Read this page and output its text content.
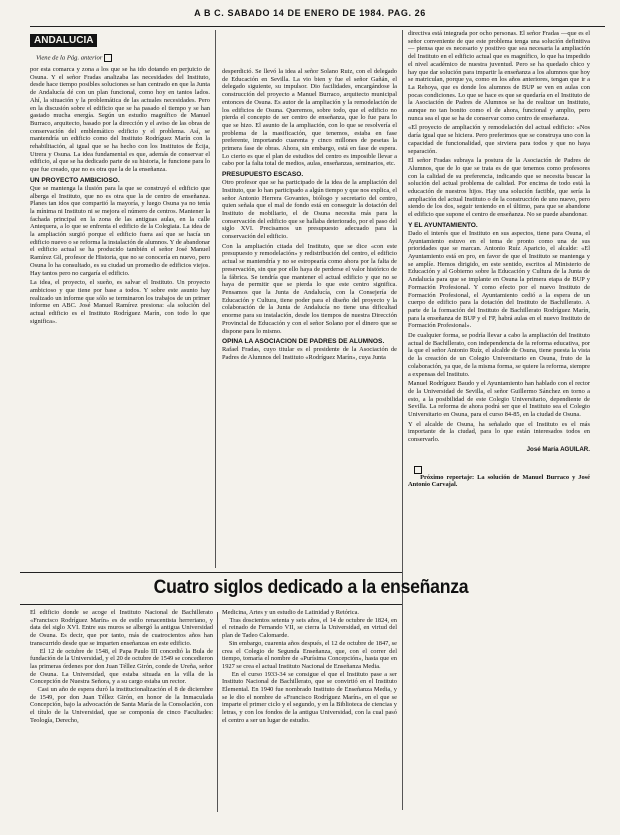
A B C. SABADO 14 DE ENERO DE 1984. PAG. 26
ANDALUCIA
Viene de la Pág. anterior

por esta comarca y zona a los que se ha ido dotando en perjuicio de Osuna. Y el señor Fradas analizaba las necesidades del Instituto, desde hace tiempo posibles soluciones se han centrado en que la Junta de Andalucía dé con un plan funcional, como hoy en tantos lados. Ahí, la situación y la problemática de las actuales necesidades. Pero en la discusión sobre el edificio que se ha pasado el tiempo y se han gastado mucha energía. Según un estudio magnífico de Manuel Burraco, arquitecto, basado por la dirección y el aviso de las obras de conservación del emblemático edificio y el problema. Así, se mantendría un edificio como del Instituto Rodríguez Marín con la rehabilitación, al igual que se ha hecho con los Institutos de Écija, Utrera y Osuna. La idea fundamental es que, además de conservar el edificio, al que se ha dedicado parte de su historia, le funcione para lo que fue creado, que no es otra que la de la enseñanza.

UN PROYECTO AMBICIOSO.

Que se mantenga la ilusión para la que se construyó el edificio que alberga el Instituto, que no es otra que la de centro de enseñanza. Planes tan idos que compartió la mayoría, y luego Osuna ya no tenía la mínima ni Instituto ni se mejora el número de centros. Mantener la fachada principal en la zona de las antiguas aulas, en la calle Antequera, a lo que se enfrenta el edificio de la Colegiata. La idea de la ampliación surgió porque el edificio fuera así que se hacía un edificio nuevo o se reforma la instalación de alumnos. Y de abandonar el edificio actual se ha producido también el señor José Manuel Ramírez Gil, profesor de Historia, que no se conocería en nuevo, pero Osuna lo ha consultado, es su ciudad un promedio de edificios viejos. Hay tantos pero no cargaría el edificio.

La idea, el proyecto, el sueño, es salvar el Instituto. Un proyecto ambicioso y que tiene por base a todos. Y sobre este asunto hay realizado un informe que sólo se terminaron los trabajos de un primer informe en ABC. José Manuel Ramírez presiona: «la solución del actual edificio es el Instituto Rodríguez Marín, con todo lo que significa».

desperdició. Se llevó la idea al señor Solano Ruiz, con el delegado de Educación en Sevilla. La vio bien y fue el señor Gañán, el delegado siguiente, su impulsor. Dio facilidades, encargándose la construcción del proyecto a Manuel Burraco, arquitecto municipal entonces de Osuna. Es autor de la ampliación y la remodelación de los edificios de Osuna. Queremos, sobre todo, que el edificio no pierda el concepto de ser centro de enseñanza, que lo fue para lo que se hizo. El asunto de la ampliación, con lo que se resolvería el problema de la masificación, que tenemos, estaba en fase preferente, importando cuarenta y cinco millones de pesetas la primera fase de obras. Ahora, sin embargo, está en fase de espera. Lo cierto es que el plan de estudios del centro es imposible llevar a cabo por la falta total de medios, aulas, enseñanzas, seminarios, etc.

PRESUPUESTO ESCASO.

Otro profesor que se ha participado de la idea de la ampliación del Instituto, que lo han participado a algún tiempo y que nos explica, el señor Antonio Herrera Govantes, biólogo y secretario del centro, quien señala que el mal de fondo está en conseguir la dotación del Instituto de mobiliario, el de Osuna necesita más para la conservación del edificio que se hallaba deteriorado, por el paso del siglo XVI. Precisamos un presupuesto adecuado para la conservación del edificio.

Con la ampliación citada del Instituto, que se dice «con este presupuesto y remodelación» y redistribución del centro, el edificio actual se mantendría y no se estropearía como ahora por la falta de preservación, sin que por ello haya de perderse el valor histórico de la fábrica. Se tendría que mantener el actual edificio y que no se haya de permitir que se pierda lo que este centro significa. Pensamos que la Junta de Andalucía, con la Consejería de Educación y Cultura, tiene poder para el diseño del proyecto y la colaboración de la Junta de Andalucía no tiene una dificultad enorme para su instalación, desde los tiempos de nuestra Dirección Provincial de Educación y con el señor Solano por el dinero que se dispone para lo mismo.

OPINA LA ASOCIACION DE PADRES DE ALUMNOS.

Rafael Fradas, cuyo titular es el presidente de la Asociación de Padres de Alumnos del Instituto «Rodríguez Marín», cuya Junta

directiva está integrada por ocho personas. El señor Fradas —que es el señor conveniente de que este problema tenga una solución definitiva— piensa que es necesario y positivo que sea necesaria la ampliación del Instituto en el edificio actual que es magnífico, lo que ha impedido el nivel académico de nuestra juventud. Pero se ha quedado chico y hay que dar solución para impartir la enseñanza a los alumnos que hoy se matriculan, porque ya, como en los años anteriores, tengan que ir a La Rehoya, que es donde los alumnos de BUP se ven en aulas con pocas condiciones. Lo que se hace es que se quedaría en el Instituto de la Asociación de Padres de Alumnos se ha de realizar un Instituto, aunque no tan bonito como el de ahora, funcional y amplio, pero nunca sea el que se ha de conservar como centro de enseñanza.

«El proyecto de ampliación y remodelación del actual edificio: «Nos daría igual que se hiciera. Pero preferimos que se construya uno con la capacidad de funcionalidad, que sirviera para todos y que no haya separación.

El señor Fradas subraya la postura de la Asociación de Padres de Alumnos, que de lo que se trata es de que tenemos como profesores con la calidad de su preferencia, indicando que se necesita buscar la solución del actual problema de calidad. Por encima de todo está la educación de nuestros hijos. Hay una solución factible, que sería la ampliación del actual Instituto o de la construcción de uno nuevo, pero siendo de los dos, seguir teniendo en el último, para que se abandone el edificio que supone el centro de enseñanza. No se puede abandonar.

Y EL AYUNTAMIENTO.

Dado el interés que el Instituto en sus aspectos, tiene para Osuna, el Ayuntamiento estuvo en el tema de pronto como una de sus prioridades que se marcan. Antonio Ruíz Aparicio, el alcalde: «El Ayuntamiento está en pro, en favor de que el Instituto se mantenga y se amplíe. Hemos dirigido, en este sentido, escritos al Ministerio de Educación y al Gobierno sobre la Educación y Cultura de la Junta de Andalucía para que se implante en Osuna la primera etapa de BUP y Formación Profesional. Y como efecto por el nuevo Instituto de Formación Profesional, el Ayuntamiento cedió a la espera de un cuerpo de edificio para la dotación del Instituto de Bachillerato. A parte de la formación del Instituto de Bachillerato Rodríguez Marín, para la enseñanza de BUP y el FP, habrá aulas en el nuevo Instituto de Formación Profesional».

De cualquier forma, se podría llevar a cabo la ampliación del Instituto actual de Bachillerato, con independencia de la reforma educativa, por la que el señor Antonio Ruíz, el alcalde de Osuna, tiene puesta la vista de la creación de un Colegio Universitario en Osuna, fruto de la colaboración, ya que, de la misma forma, se quiere la reforma, siempre a expensas del Instituto.

Manuel Rodríguez Baudo y el Ayuntamiento han hablado con el rector de la Universidad de Sevilla, el señor Guillermo Sánchez en torno a esto, a la posibilidad de este Colegio Universitario, dependiente de Sevilla. La reforma de ahora podrá ser que el Instituto sea el Colegio Universitario en Osuna, para el curso 84-85, en la ciudad de Osuna.

Y el alcalde de Osuna, ha señalado que el Instituto es el más importante de la ciudad, para lo que están interesados todos en conservarlo.

José María AGUILAR.

Próximo reportaje: La solución de Manuel Burraco y José Antonio Carvajal.

Cuatro siglos dedicado a la enseñanza

El edificio donde se acoge el Instituto Nacional de Bachillerato «Francisco Rodríguez Marín» es de estilo renacentista herreriano, y data del siglo XVI. Entre sus muros se albergó la antigua Universidad de Osuna. Es decir, que por tanto, más de cuatrocientos años han transcurrido desde que se imparten enseñanzas en este edificio.
El 12 de octubre de 1548, el Papa Paulo III concedió la Bula de fundación de la Universidad, y el 20 de octubre de 1549 se concedieron las primeras órdenes por don Juan Téllez Girón, conde de Ureña, señor de Osuna. La Universidad, que estaba situada en la villa de la Concepción de Nuestra Señora, y a su cargo estaba un rector.
Casi un año de espera duró la institucionalización el 8 de diciembre de 1549, por don Juan Téllez Girón, en honor de la Inmaculada Concepción, bajo la advocación de Santa María de la Consolación, con el título de la Universidad, que se componía de cinco Facultades: Teología, Derecho,

Medicina, Artes y un estudio de Latinidad y Retórica.
Tras doscientos setenta y seis años, el 14 de octubre de 1824, en el reinado de Fernando VII, se cierra la Universidad, en virtud del plan de Tadeo Calomarde.
Sin embargo, cuarenta años después, el 12 de octubre de 1847, se crea el Colegio de Segunda Enseñanza, que, con el correr del tiempo, tomaría el nombre de «Purísima Concepción», hasta que en 1927 se crea el actual Instituto Nacional de Enseñanza Media.
En el curso 1933-34 se consigue el que el Instituto pase a ser Instituto Nacional de Bachillerato, que se convirtió en el Instituto Elemental. En 1940 fue nombrado Instituto de Enseñanza Media, y se le dio el nombre de «Francisco Rodríguez Marín», en el que se imparte el primer ciclo y el segundo, y en la Biblioteca de ciencias y letras, y con los fondos de la antigua Universidad, con la cual pasó el centro a ser un lugar de estudio.
